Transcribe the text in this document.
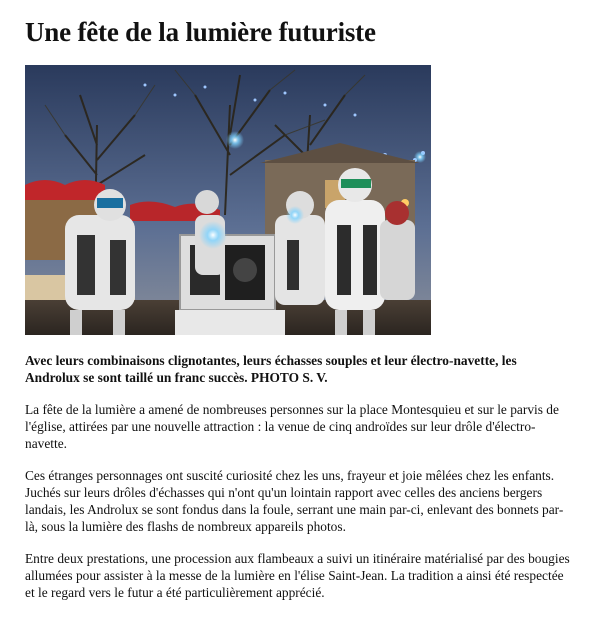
Une fête de la lumière futuriste

Avec leurs combinaisons clignotantes, leurs échasses souples et leur électro-navette, les Androlux se sont taillé un franc succès. PHOTO S. V.

La fête de la lumière a amené de nombreuses personnes sur la place Montesquieu et sur le parvis de l'église, attirées par une nouvelle attraction : la venue de cinq androïdes sur leur drôle d'électro-navette.

Ces étranges personnages ont suscité curiosité chez les uns, frayeur et joie mêlées chez les enfants. Juchés sur leurs drôles d'échasses qui n'ont qu'un lointain rapport avec celles des anciens bergers landais, les Androlux se sont fondus dans la foule, serrant une main par-ci, enlevant des bonnets par-là, sous la lumière des flashs de nombreux appareils photos.

Entre deux prestations, une procession aux flambeaux a suivi un itinéraire matérialisé par des bougies allumées pour assister à la messe de la lumière en l'élise Saint-Jean. La tradition a ainsi été respectée et le regard vers le futur a été particulièrement apprécié.
